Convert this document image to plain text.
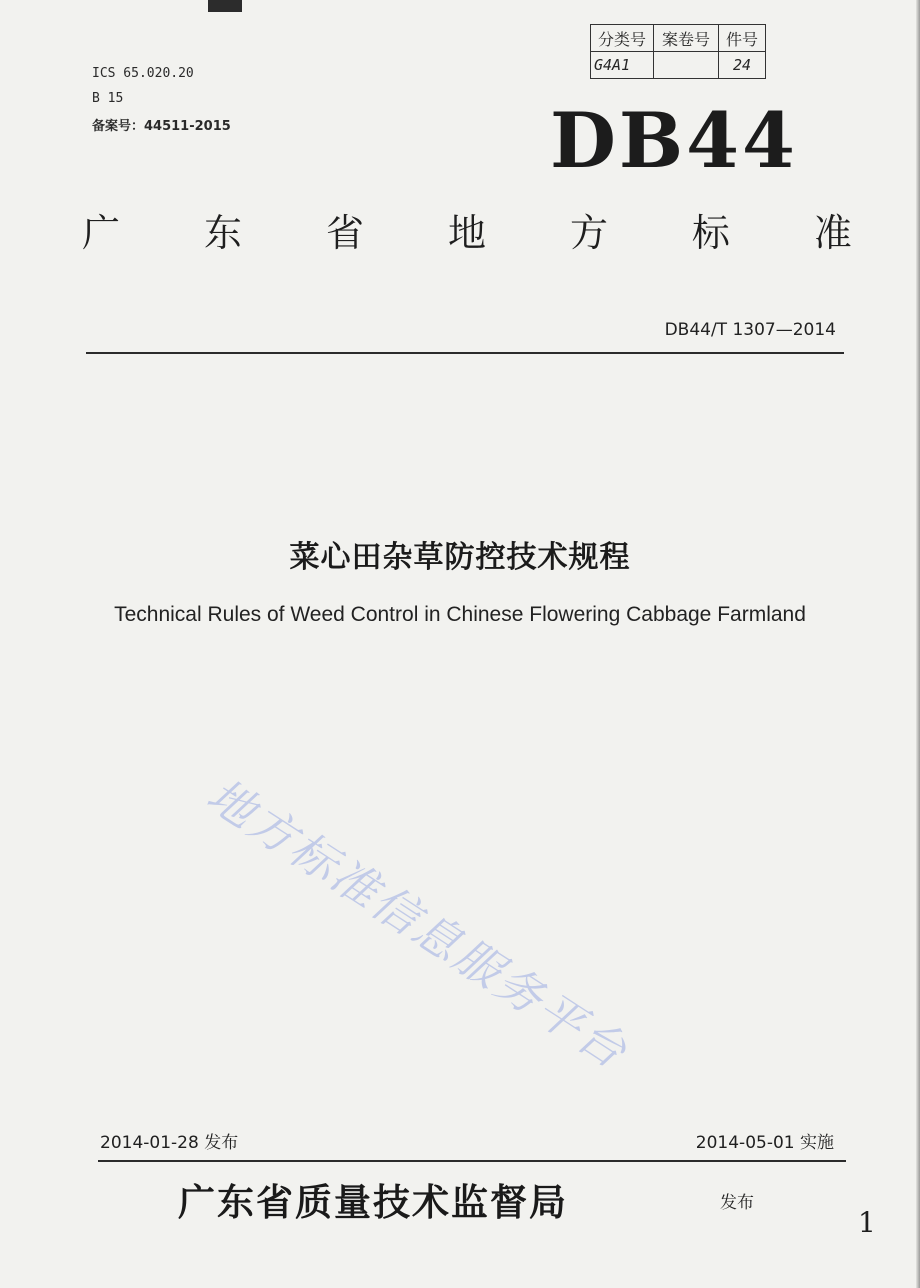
分类号	案卷号	件号
G4A1		24
ICS 65.020.20
B 15
备案号：44511-2015	DB44
广 东 省 地 方 标 准
DB44/T 1307—2014
菜心田杂草防控技术规程
Technical Rules of Weed Control in Chinese Flowering Cabbage Farmland
地方标准信息服务平台
2014-01-28 发布	2014-05-01 实施
广东省质量技术监督局	发布
1
